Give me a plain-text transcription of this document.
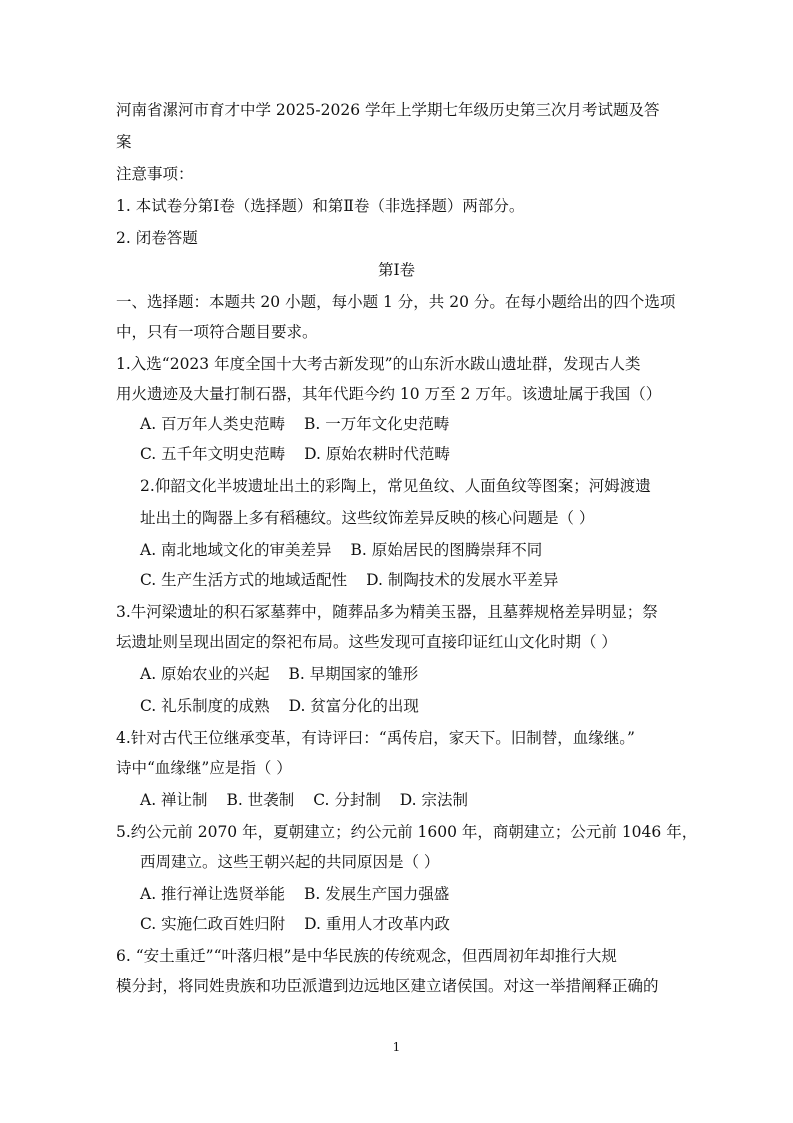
河南省漯河市育才中学 2025-2026 学年上学期七年级历史第三次月考试题及答
案
注意事项：
1. 本试卷分第Ⅰ卷（选择题）和第Ⅱ卷（非选择题）两部分。
2. 闭卷答题
第Ⅰ卷
一、选择题：本题共 20 小题，每小题 1 分，共 20 分。在每小题给出的四个选项
中，只有一项符合题目要求。
1.入选“2023 年度全国十大考古新发现”的山东沂水跋山遗址群，发现古人类
用火遗迹及大量打制石器，其年代距今约 10 万至 2 万年。该遗址属于我国（）
A. 百万年人类史范畴 B. 一万年文化史范畴
C. 五千年文明史范畴 D. 原始农耕时代范畴
2.仰韶文化半坡遗址出土的彩陶上，常见鱼纹、人面鱼纹等图案；河姆渡遗
址出土的陶器上多有稻穗纹。这些纹饰差异反映的核心问题是（ ）
A. 南北地域文化的审美差异 B. 原始居民的图腾崇拜不同
C. 生产生活方式的地域适配性 D. 制陶技术的发展水平差异
3.牛河梁遗址的积石冢墓葬中，随葬品多为精美玉器，且墓葬规格差异明显；祭
坛遗址则呈现出固定的祭祀布局。这些发现可直接印证红山文化时期（ ）
A. 原始农业的兴起 B. 早期国家的雏形
C. 礼乐制度的成熟 D. 贫富分化的出现
4.针对古代王位继承变革，有诗评曰：“禹传启，家天下。旧制替，血缘继。”
诗中“血缘继”应是指（ ）
A. 禅让制 B. 世袭制 C. 分封制 D. 宗法制
5.约公元前 2070 年，夏朝建立；约公元前 1600 年，商朝建立；公元前 1046 年，
西周建立。这些王朝兴起的共同原因是（ ）
A. 推行禅让选贤举能 B. 发展生产国力强盛
C. 实施仁政百姓归附 D. 重用人才改革内政
6. “安土重迁”“叶落归根”是中华民族的传统观念，但西周初年却推行大规
模分封，将同姓贵族和功臣派遣到边远地区建立诸侯国。对这一举措阐释正确的
1
